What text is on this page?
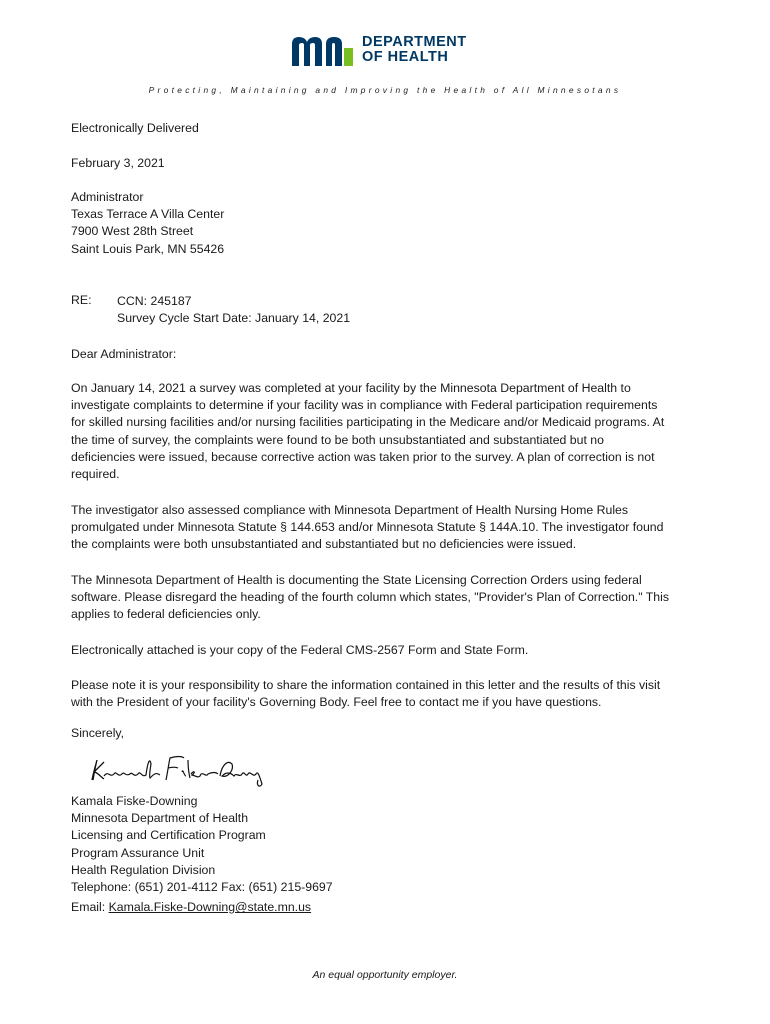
DEPARTMENT
OF HEALTH
Protecting, Maintaining and Improving the Health of All Minnesotans

Electronically Delivered

February 3, 2021

Administrator
Texas Terrace A Villa Center
7900 West 28th Street
Saint Louis Park, MN 55426
RE: CCN: 245187
Survey Cycle Start Date: January 14, 2021

Dear Administrator:

On January 14, 2021 a survey was completed at your facility by the Minnesota Department of Health to
investigate complaints to determine if your facility was in compliance with Federal participation requirements
for skilled nursing facilities and/or nursing facilities participating in the Medicare and/or Medicaid programs. At
the time of survey, the complaints were found to be both unsubstantiated and substantiated but no
deficiencies were issued, because corrective action was taken prior to the survey. A plan of correction is not
required.
The investigator also assessed compliance with Minnesota Department of Health Nursing Home Rules
promulgated under Minnesota Statute § 144.653 and/or Minnesota Statute § 144A.10. The investigator found
the complaints were both unsubstantiated and substantiated but no deficiencies were issued.
The Minnesota Department of Health is documenting the State Licensing Correction Orders using federal
software. Please disregard the heading of the fourth column which states, "Provider's Plan of Correction." This
applies to federal deficiencies only.

Electronically attached is your copy of the Federal CMS-2567 Form and State Form.

Please note it is your responsibility to share the information contained in this letter and the results of this visit
with the President of your facility's Governing Body. Feel free to contact me if you have questions.

Sincerely,

Kamala Fiske-Downing
Minnesota Department of Health
Licensing and Certification Program
Program Assurance Unit
Health Regulation Division
Telephone: (651) 201-4112 Fax: (651) 215-9697
Email: Kamala.Fiske-Downing@state.mn.us
An equal opportunity employer.
